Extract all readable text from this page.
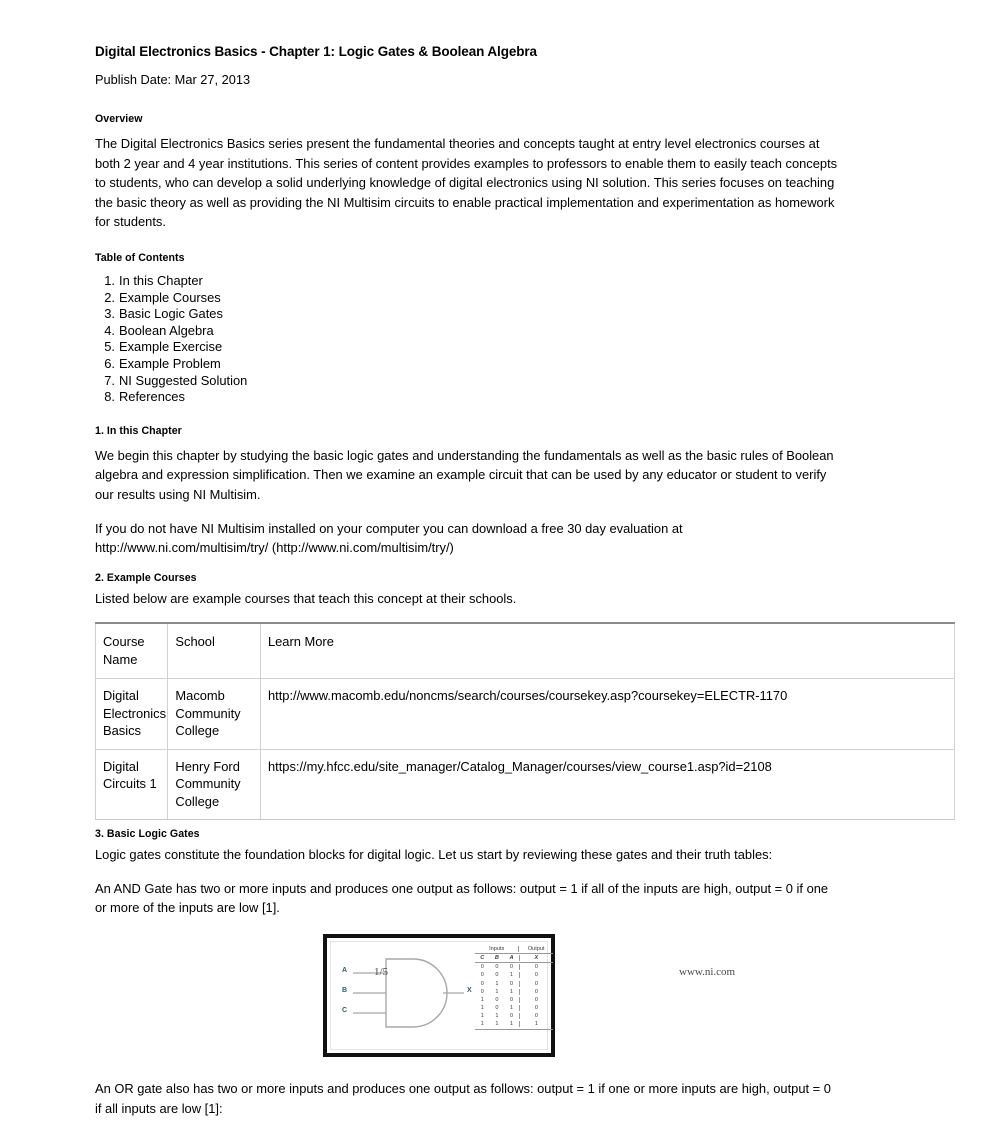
Digital Electronics Basics - Chapter 1: Logic Gates & Boolean Algebra
Publish Date: Mar 27, 2013
Overview
The Digital Electronics Basics series present the fundamental theories and concepts taught at entry level electronics courses at
both 2 year and 4 year institutions. This series of content provides examples to professors to enable them to easily teach concepts
to students, who can develop a solid underlying knowledge of digital electronics using NI solution. This series focuses on teaching
the basic theory as well as providing the NI Multisim circuits to enable practical implementation and experimentation as homework
for students.
Table of Contents
1. In this Chapter
2. Example Courses
3. Basic Logic Gates
4. Boolean Algebra
5. Example Exercise
6. Example Problem
7. NI Suggested Solution
8. References
1. In this Chapter
We begin this chapter by studying the basic logic gates and understanding the fundamentals as well as the basic rules of Boolean
algebra and expression simplification. Then we examine an example circuit that can be used by any educator or student to verify
our results using NI Multisim.
If you do not have NI Multisim installed on your computer you can download a free 30 day evaluation at
http://www.ni.com/multisim/try/ (http://www.ni.com/multisim/try/)
2. Example Courses
Listed below are example courses that teach this concept at their schools.
Course Name	School	Learn More
Digital Electronics Basics	Macomb Community College	http://www.macomb.edu/noncms/search/courses/coursekey.asp?coursekey=ELECTR-1170
Digital Circuits 1	Henry Ford Community College	https://my.hfcc.edu/site_manager/Catalog_Manager/courses/view_course1.asp?id=2108
3. Basic Logic Gates
Logic gates constitute the foundation blocks for digital logic. Let us start by reviewing these gates and their truth tables:
An AND Gate has two or more inputs and produces one output as follows: output = 1 if all of the inputs are high, output = 0 if one
or more of the inputs are low [1].
A
B
C
X
Inputs	Output
C	B	A	X
0	0	0	0
0	0	1	0
0	1	0	0
0	1	1	0
1	0	0	0
1	0	1	0
1	1	0	0
1	1	1	1
An OR gate also has two or more inputs and produces one output as follows: output = 1 if one or more inputs are high, output = 0
if all inputs are low [1]:
1/5	www.ni.com
